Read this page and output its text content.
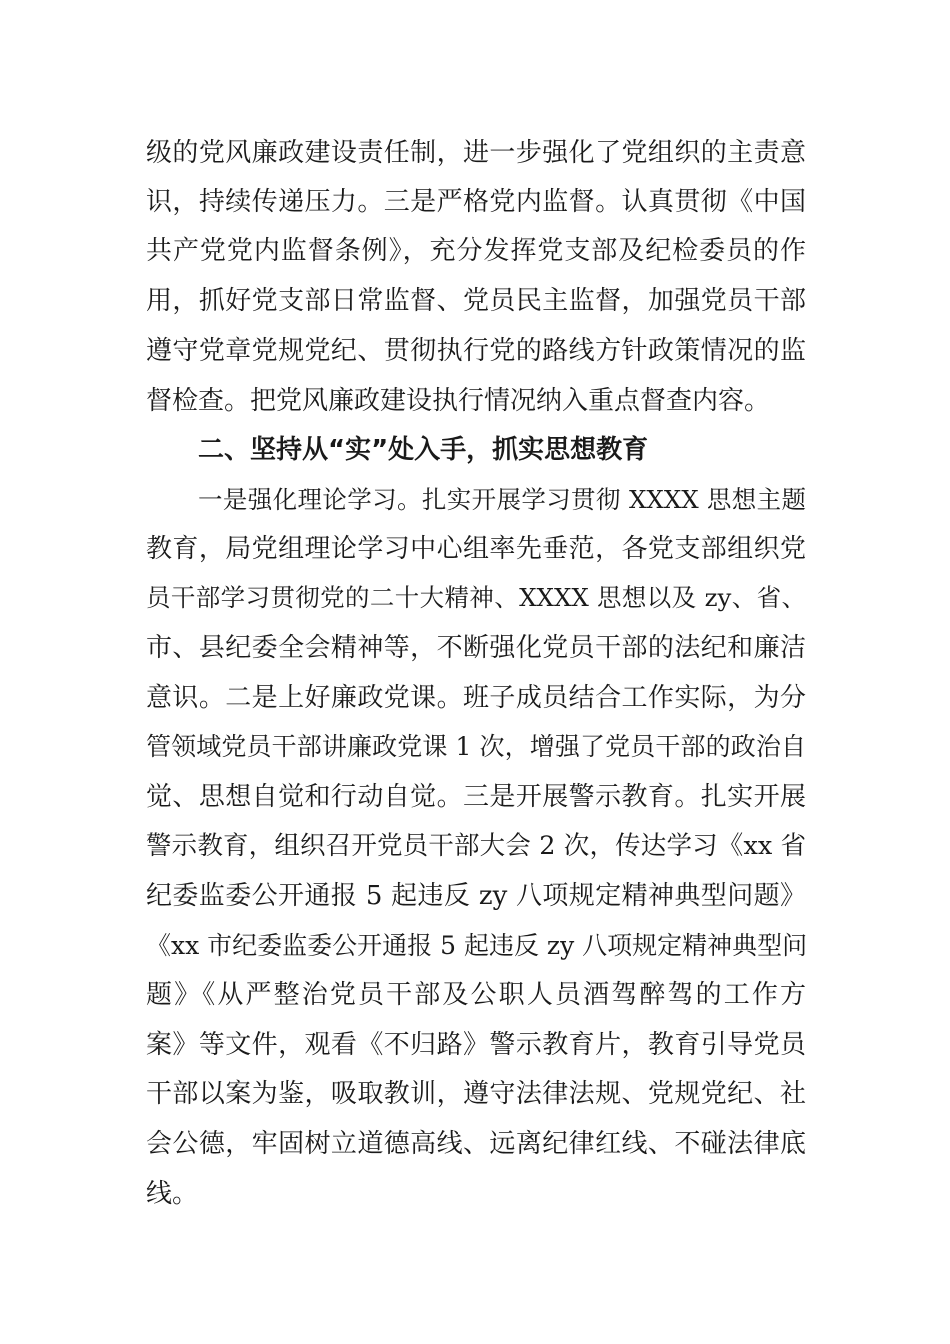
级的党风廉政建设责任制，进一步强化了党组织的主责意
识，持续传递压力。三是严格党内监督。认真贯彻《中国
共产党党内监督条例》，充分发挥党支部及纪检委员的作
用，抓好党支部日常监督、党员民主监督，加强党员干部
遵守党章党规党纪、贯彻执行党的路线方针政策情况的监
督检查。把党风廉政建设执行情况纳入重点督查内容。
二、坚持从“实”处入手，抓实思想教育
一是强化理论学习。扎实开展学习贯彻 XXXX 思想主题
教育，局党组理论学习中心组率先垂范，各党支部组织党
员干部学习贯彻党的二十大精神、XXXX 思想以及 zy、省、
市、县纪委全会精神等，不断强化党员干部的法纪和廉洁
意识。二是上好廉政党课。班子成员结合工作实际，为分
管领域党员干部讲廉政党课 1 次，增强了党员干部的政治自
觉、思想自觉和行动自觉。三是开展警示教育。扎实开展
警示教育，组织召开党员干部大会 2 次，传达学习《xx 省
纪委监委公开通报 5 起违反 zy 八项规定精神典型问题》
《xx 市纪委监委公开通报 5 起违反 zy 八项规定精神典型问
题》《从严整治党员干部及公职人员酒驾醉驾的工作方
案》等文件，观看《不归路》警示教育片，教育引导党员
干部以案为鉴，吸取教训，遵守法律法规、党规党纪、社
会公德，牢固树立道德高线、远离纪律红线、不碰法律底
线。
